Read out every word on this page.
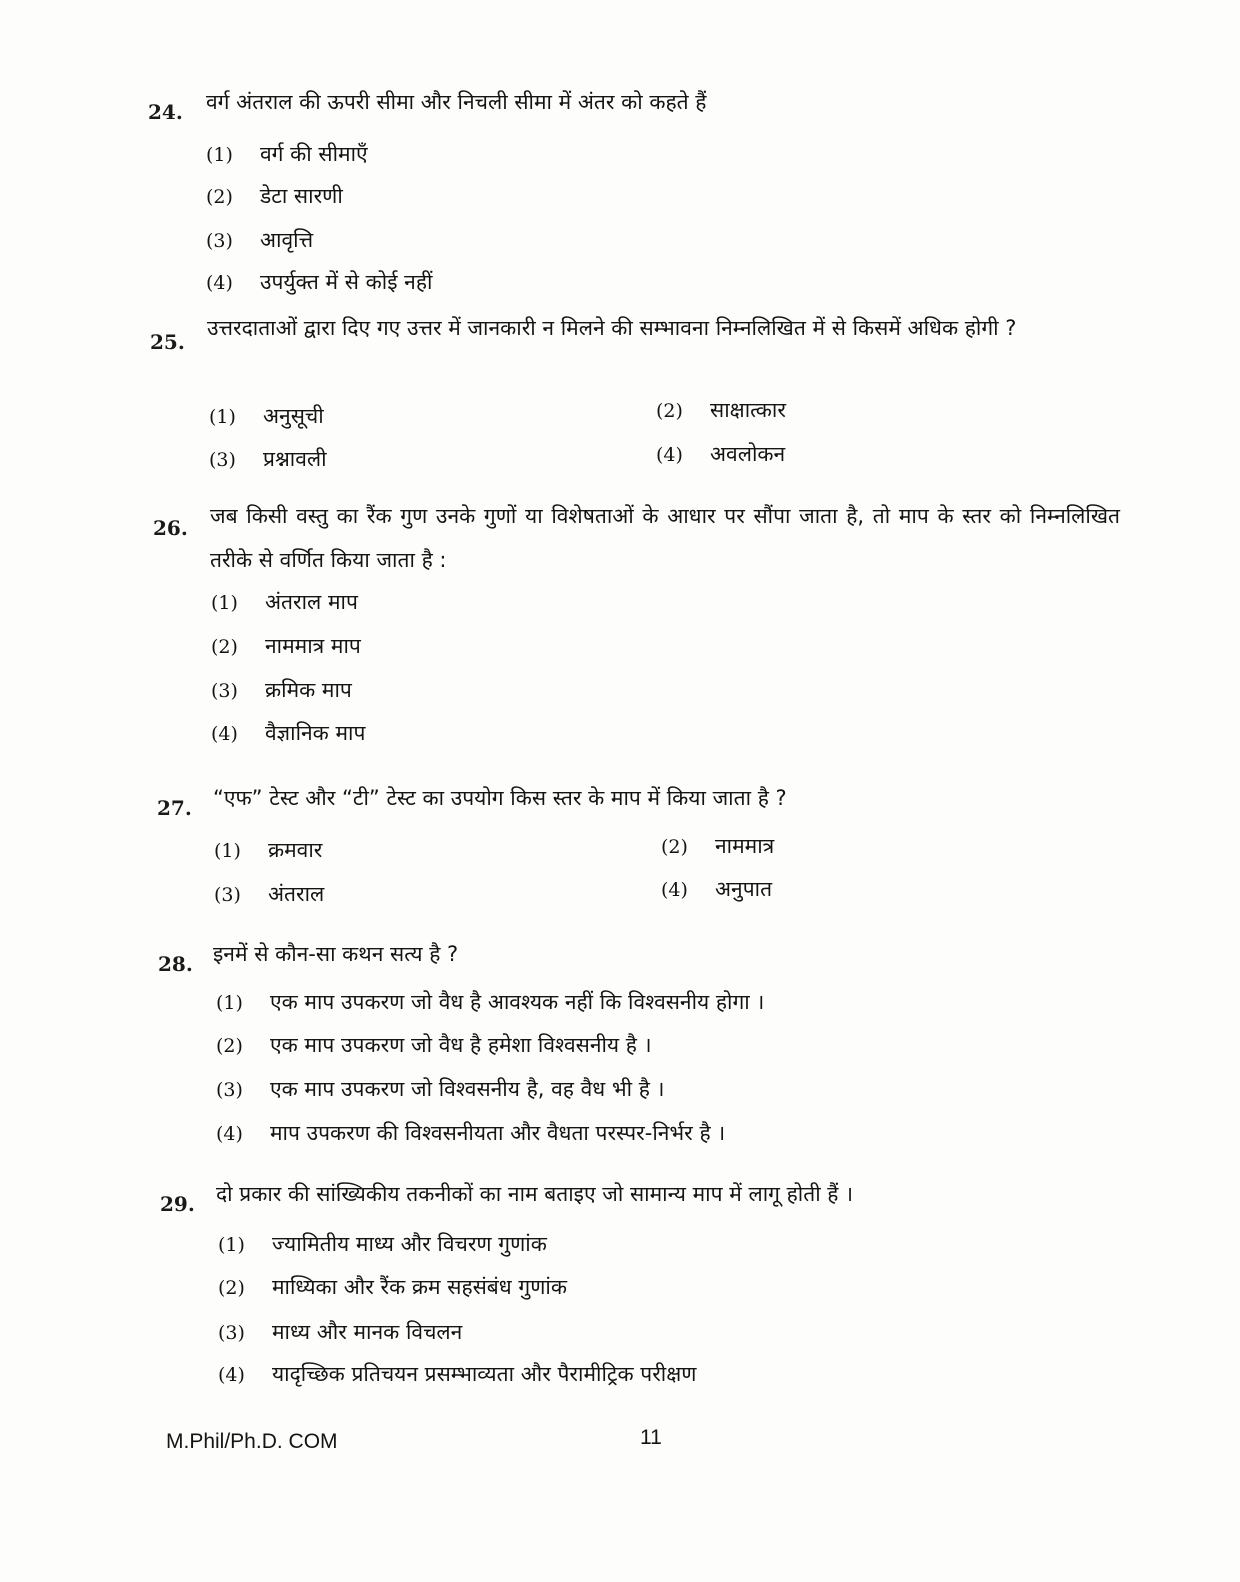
24. वर्ग अंतराल की ऊपरी सीमा और निचली सीमा में अंतर को कहते हैं
(1) वर्ग की सीमाएँ
(2) डेटा सारणी
(3) आवृत्ति
(4) उपर्युक्त में से कोई नहीं
25.
उत्तरदाताओं द्वारा दिए गए उत्तर में जानकारी न मिलने की सम्भावना निम्नलिखित में से किसमें अधिक होगी ?
(1) अनुसूची	(2) साक्षात्कार
(3) प्रश्नावली	(4) अवलोकन
26. जब किसी वस्तु का रैंक गुण उनके गुणों या विशेषताओं के आधार पर सौंपा जाता है, तो माप के स्तर को निम्नलिखित तरीके से वर्णित किया जाता है :
(1) अंतराल माप
(2) नाममात्र माप
(3) क्रमिक माप
(4) वैज्ञानिक माप
27. “एफ” टेस्ट और “टी” टेस्ट का उपयोग किस स्तर के माप में किया जाता है ?
(1) क्रमवार	(2) नाममात्र
(3) अंतराल	(4) अनुपात
28. इनमें से कौन-सा कथन सत्य है ?
(1) एक माप उपकरण जो वैध है आवश्यक नहीं कि विश्वसनीय होगा ।
(2) एक माप उपकरण जो वैध है हमेशा विश्वसनीय है ।
(3) एक माप उपकरण जो विश्वसनीय है, वह वैध भी है ।
(4) माप उपकरण की विश्वसनीयता और वैधता परस्पर-निर्भर है ।
29. दो प्रकार की सांख्यिकीय तकनीकों का नाम बताइए जो सामान्य माप में लागू होती हैं ।
(1) ज्यामितीय माध्य और विचरण गुणांक
(2) माध्यिका और रैंक क्रम सहसंबंध गुणांक
(3) माध्य और मानक विचलन
(4) यादृच्छिक प्रतिचयन प्रसम्भाव्यता और पैरामीट्रिक परीक्षण
M.Phil/Ph.D. COM	11
